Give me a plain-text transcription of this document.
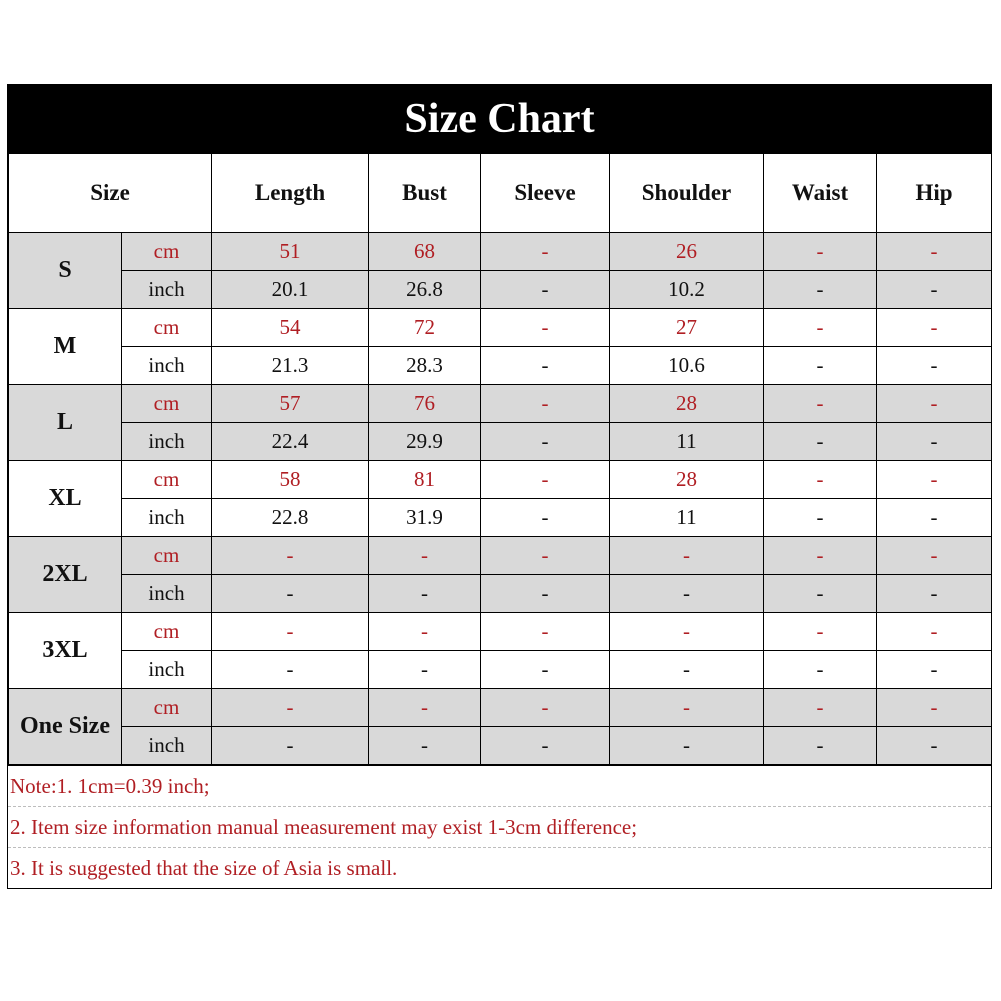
Size Chart
Size		Length	Bust	Sleeve	Shoulder	Waist	Hip
S	cm	51	68	-	26	-	-
	inch	20.1	26.8	-	10.2	-	-
M	cm	54	72	-	27	-	-
	inch	21.3	28.3	-	10.6	-	-
L	cm	57	76	-	28	-	-
	inch	22.4	29.9	-	11	-	-
XL	cm	58	81	-	28	-	-
	inch	22.8	31.9	-	11	-	-
2XL	cm	-	-	-	-	-	-
	inch	-	-	-	-	-	-
3XL	cm	-	-	-	-	-	-
	inch	-	-	-	-	-	-
One Size	cm	-	-	-	-	-	-
	inch	-	-	-	-	-	-
Note:1. 1cm=0.39 inch;
2. Item size information manual measurement may exist 1-3cm difference;
3. It is suggested that the size of Asia is small.
